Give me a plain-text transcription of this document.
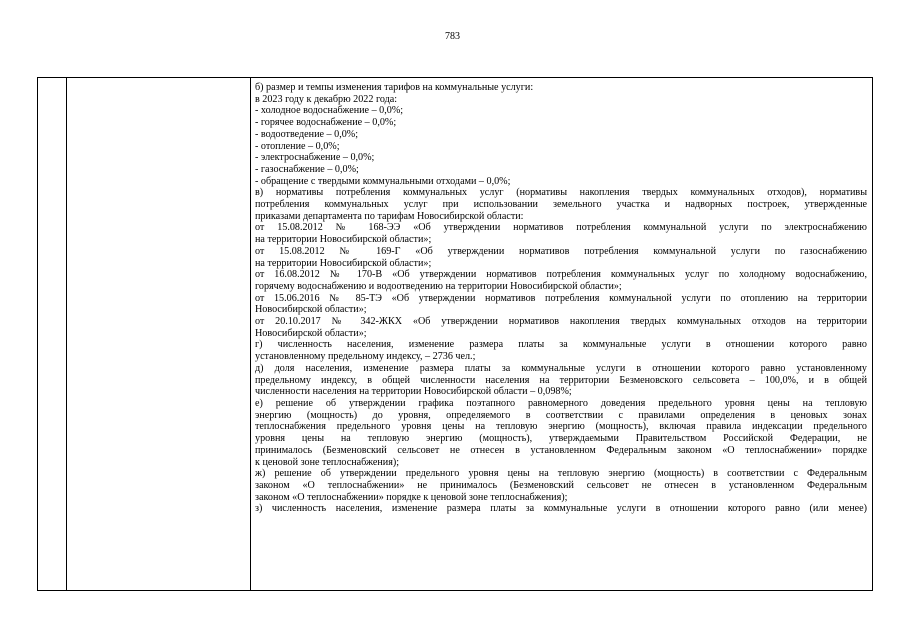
783

б) размер и темпы изменения тарифов на коммунальные услуги:

в 2023 году к декабрю 2022 года:

- холодное водоснабжение – 0,0%;

- горячее водоснабжение – 0,0%;

- водоотведение – 0,0%;

- отопление – 0,0%;

- электроснабжение – 0,0%;

- газоснабжение – 0,0%;

- обращение с твердыми коммунальными отходами – 0,0%;

в) нормативы потребления коммунальных услуг (нормативы накопления твердых коммунальных отходов), нормативы

потребления коммунальных услуг при использовании земельного участка и надворных построек, утвержденные

приказами департамента по тарифам Новосибирской области:

от 15.08.2012 № 168-ЭЭ «Об утверждении нормативов потребления коммунальной услуги по электроснабжению

на территории Новосибирской области»;

от 15.08.2012 № 169-Г «Об утверждении нормативов потребления коммунальной услуги по газоснабжению

на территории Новосибирской области»;

от 16.08.2012 № 170-В «Об утверждении нормативов потребления коммунальных услуг по холодному водоснабжению,

горячему водоснабжению и водоотведению на территории Новосибирской области»;

от 15.06.2016 № 85-ТЭ «Об утверждении нормативов потребления коммунальной услуги по отоплению на территории

Новосибирской области»;

от 20.10.2017 № 342-ЖКХ «Об утверждении нормативов накопления твердых коммунальных отходов на территории

Новосибирской области»;

г) численность населения, изменение размера платы за коммунальные услуги в отношении которого равно

установленному предельному индексу, – 2736 чел.;

д) доля населения, изменение размера платы за коммунальные услуги в отношении которого равно установленному

предельному индексу, в общей численности населения на территории Безменовского сельсовета – 100,0%, и в общей

численности населения на территории Новосибирской области – 0,098%;

е) решение об утверждении графика поэтапного равномерного доведения предельного уровня цены на тепловую

энергию (мощность) до уровня, определяемого в соответствии с правилами определения в ценовых зонах

теплоснабжения предельного уровня цены на тепловую энергию (мощность), включая правила индексации предельного

уровня цены на тепловую энергию (мощность), утверждаемыми Правительством Российской Федерации, не

принималось (Безменовский сельсовет не отнесен в установленном Федеральным законом «О теплоснабжении» порядке

к ценовой зоне теплоснабжения);

ж) решение об утверждении предельного уровня цены на тепловую энергию (мощность) в соответствии с Федеральным

законом «О теплоснабжении» не принималось (Безменовский сельсовет не отнесен в установленном Федеральным

законом «О теплоснабжении» порядке к ценовой зоне теплоснабжения);

з) численность населения, изменение размера платы за коммунальные услуги в отношении которого равно (или менее)
